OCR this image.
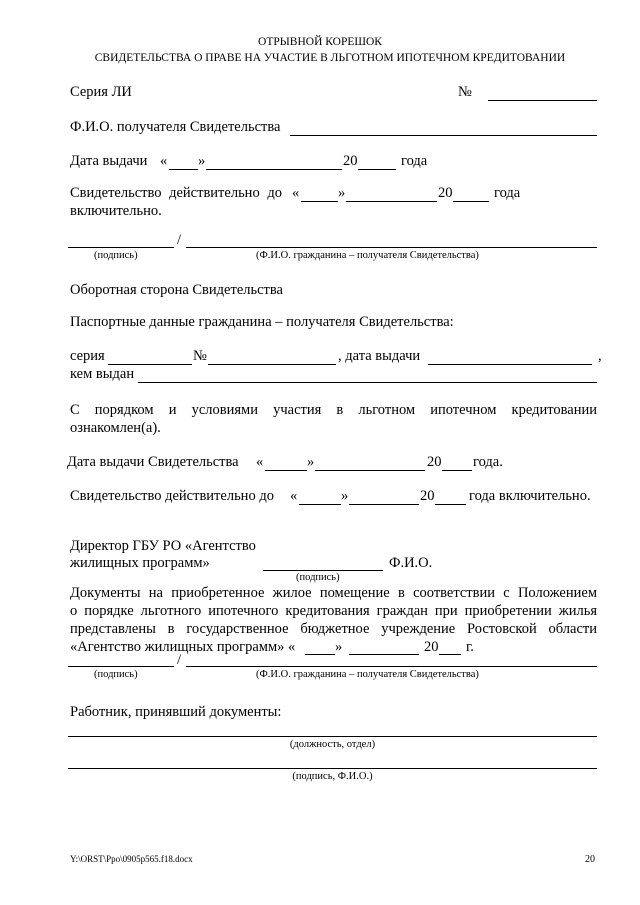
ОТРЫВНОЙ КОРЕШОК
СВИДЕТЕЛЬСТВА О ПРАВЕ НА УЧАСТИЕ В ЛЬГОТНОМ ИПОТЕЧНОМ КРЕДИТОВАНИИ
Серия ЛИ	№
Ф.И.О. получателя Свидетельства
Дата выдачи « »	20	года
Свидетельство действительно до «	»	20	года
включительно.
/
(подпись)	(Ф.И.О. гражданина – получателя Свидетельства)
Оборотная сторона Свидетельства
Паспортные данные гражданина – получателя Свидетельства:
серия	№	, дата выдачи	,
кем выдан
С порядком и условиями участия в льготном ипотечном кредитовании
ознакомлен(а).
Дата выдачи Свидетельства «	»	20 года.
Свидетельство действительно до «	»	20 года включительно.
Директор ГБУ РО «Агентство
жилищных программ»	Ф.И.О.
(подпись)
Документы на приобретенное жилое помещение в соответствии с Положением
о порядке льготного ипотечного кредитования граждан при приобретении жилья
представлены в государственное бюджетное учреждение Ростовской области
«Агентство жилищных программ» «	»	20 г.
/
(подпись)	(Ф.И.О. гражданина – получателя Свидетельства)
Работник, принявший документы:
(должность, отдел)
(подпись, Ф.И.О.)
Y:\ORST\Ppo\0905p565.f18.docx	20
